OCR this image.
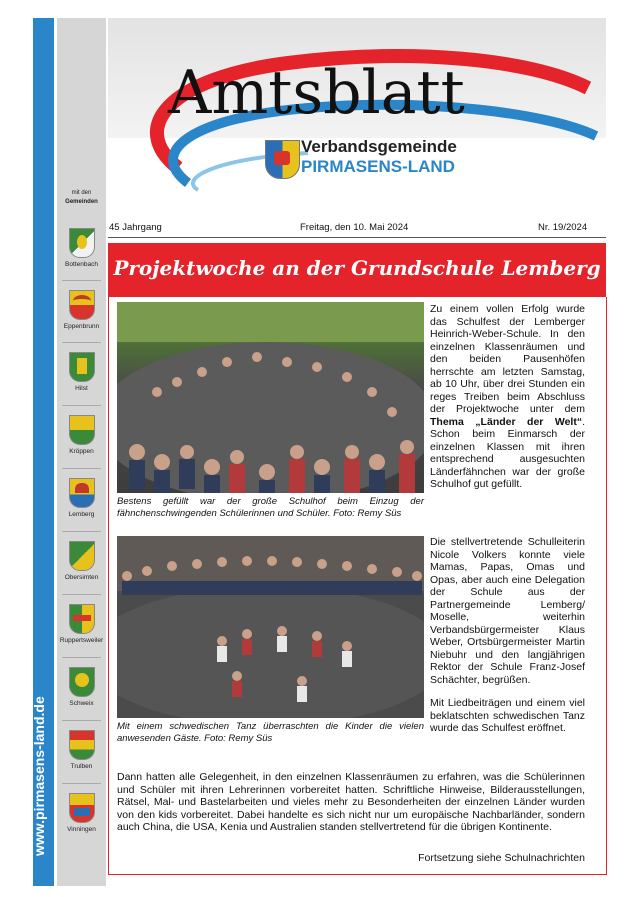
www.pirmasens-land.de
mit den
Gemeinden
Bottenbach
Eppenbrunn
Hilst
Kröppen
Lemberg
Obersimten
Ruppertsweiler
Schweix
Trulben
Vinningen
Amtsblatt
Verbandsgemeinde
PIRMASENS-LAND
45 Jahrgang	Freitag, den 10. Mai 2024	Nr. 19/2024
Projektwoche an der Grundschule Lemberg
Bestens gefüllt war der große Schulhof beim Einzug der fähnchenschwingenden Schülerinnen und Schüler. Foto: Remy Süs
Zu einem vollen Erfolg wurde das Schulfest der Lemberger Heinrich-Weber-Schule. In den einzelnen Klassenräumen und den beiden Pausenhöfen herrschte am letzten Samstag, ab 10 Uhr, über drei Stunden ein reges Treiben beim Abschluss der Projektwoche unter dem Thema „Länder der Welt“. Schon beim Einmarsch der einzelnen Klassen mit ihren entsprechend ausgesuchten Länderfähnchen war der große Schulhof gut gefüllt.
Mit einem schwedischen Tanz überraschten die Kinder die vielen anwesenden Gäste. Foto: Remy Süs
Die stellvertretende Schulleiterin Nicole Volkers konnte viele Mamas, Papas, Omas und Opas, aber auch eine Delegation der Schule aus der Partnergemeinde Lemberg/ Moselle, weiterhin Verbandsbürgermeister Klaus Weber, Ortsbürgermeister Martin Niebuhr und den langjährigen Rektor der Schule Franz-Josef Schächter, begrüßen.
Mit Liedbeiträgen und einem viel beklatschten schwedischen Tanz wurde das Schulfest eröffnet.
Dann hatten alle Gelegenheit, in den einzelnen Klassenräumen zu erfahren, was die Schülerinnen und Schüler mit ihren Lehrerinnen vorbereitet hatten. Schriftliche Hinweise, Bilderausstellungen, Rätsel, Mal- und Bastelarbeiten und vieles mehr zu Besonderheiten der einzelnen Länder wurden von den kids vorbereitet. Dabei handelte es sich nicht nur um europäische Nachbarländer, sondern auch China, die USA, Kenia und Australien standen stellvertretend für die übrigen Kontinente.
Fortsetzung siehe Schulnachrichten
